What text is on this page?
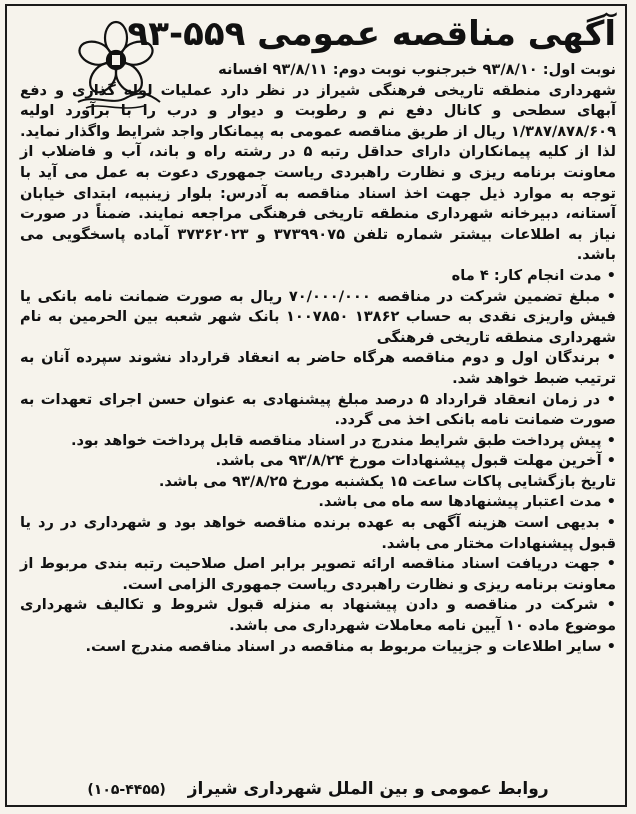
آگهی مناقصه عمومی ۵۵۹-۹۳

نوبت اول: ۹۳/۸/۱۰ خبرجنوب نوبت دوم: ۹۳/۸/۱۱ افسانه

شهرداری منطقه تاریخی فرهنگی شیراز در نظر دارد عملیات لوله گذاری و دفع آبهای سطحی و کانال دفع نم و رطوبت و دیوار و درب را با برآورد اولیه ۱/۳۸۷/۸۷۸/۶۰۹ ریال از طریق مناقصه عمومی به پیمانکار واجد شرایط واگذار نماید. لذا از کلیه پیمانکاران دارای حداقل رتبه ۵ در رشته راه و باند، آب و فاضلاب از معاونت برنامه ریزی و نظارت راهبردی ریاست جمهوری دعوت به عمل می آید با توجه به موارد ذیل جهت اخذ اسناد مناقصه به آدرس: بلوار زینبیه، ابتدای خیابان آستانه، دبیرخانه شهرداری منطقه تاریخی فرهنگی مراجعه نمایند. ضمناً در صورت نیاز به اطلاعات بیشتر شماره تلفن ۳۷۳۹۹۰۷۵ و ۳۷۳۶۲۰۲۳ آماده پاسخگویی می باشد.

• مدت انجام کار: ۴ ماه
• مبلغ تضمین شرکت در مناقصه ۷۰/۰۰۰/۰۰۰ ریال به صورت ضمانت نامه بانکی یا فیش واریزی نقدی به حساب ۱۳۸۶۲ ۱۰۰۷۸۵۰ بانک شهر شعبه بین الحرمین به نام شهرداری منطقه تاریخی فرهنگی
• برندگان اول و دوم مناقصه هرگاه حاضر به انعقاد قرارداد نشوند سپرده آنان به ترتیب ضبط خواهد شد.
• در زمان انعقاد قرارداد ۵ درصد مبلغ پیشنهادی به عنوان حسن اجرای تعهدات به صورت ضمانت نامه بانکی اخذ می گردد.
• پیش پرداخت طبق شرایط مندرج در اسناد مناقصه قابل پرداخت خواهد بود.
• آخرین مهلت قبول پیشنهادات مورخ ۹۳/۸/۲۴ می باشد.

تاریخ بازگشایی پاکات ساعت ۱۵ یکشنبه مورخ ۹۳/۸/۲۵ می باشد.

• مدت اعتبار پیشنهادها سه ماه می باشد.
• بدیهی است هزینه آگهی به عهده برنده مناقصه خواهد بود و شهرداری در رد یا قبول پیشنهادات مختار می باشد.
• جهت دریافت اسناد مناقصه ارائه تصویر برابر اصل صلاحیت رتبه بندی مربوط از معاونت برنامه ریزی و نظارت راهبردی ریاست جمهوری الزامی است.
• شرکت در مناقصه و دادن پیشنهاد به منزله قبول شروط و تکالیف شهرداری موضوع ماده ۱۰ آیین نامه معاملات شهرداری می باشد.
• سایر اطلاعات و جزییات مربوط به مناقصه در اسناد مناقصه مندرج است.
روابط عمومی و بین الملل شهرداری شیراز (۴۴۵۵-۱۰۵)
